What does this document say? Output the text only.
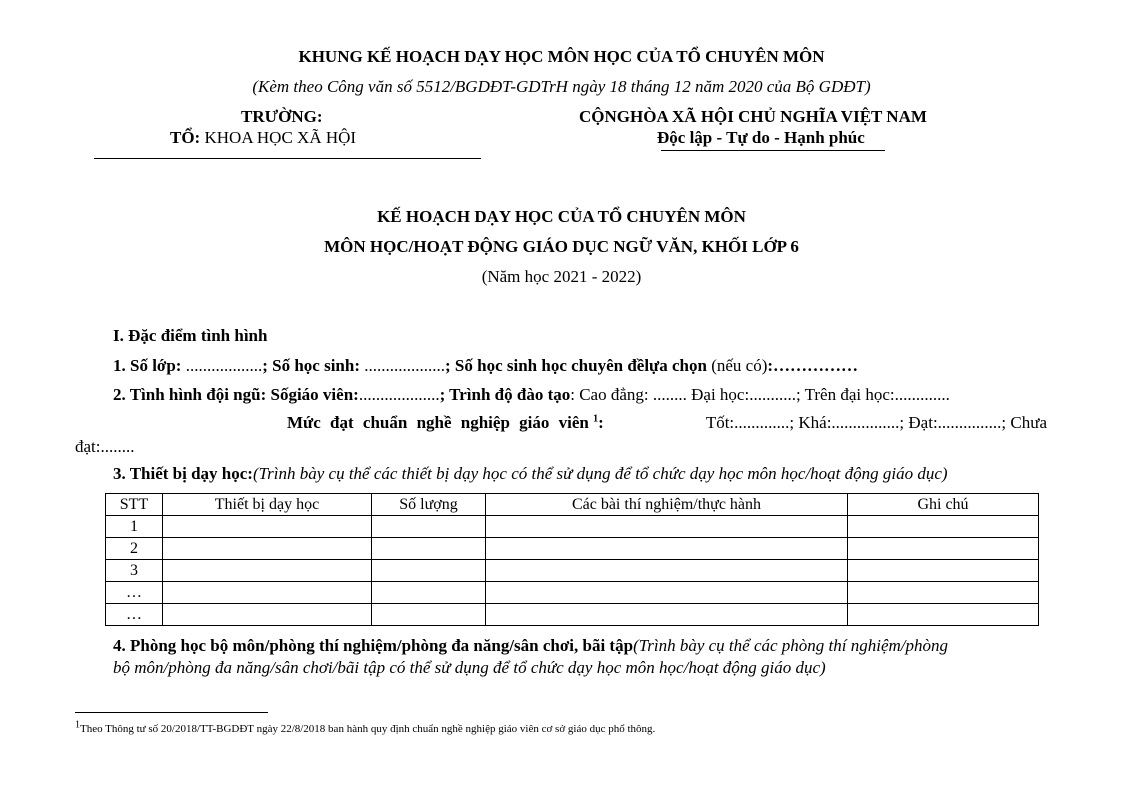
KHUNG KẾ HOẠCH DẠY HỌC MÔN HỌC CỦA TỔ CHUYÊN MÔN
(Kèm theo Công văn số 5512/BGDĐT-GDTrH ngày 18 tháng 12 năm 2020 của Bộ GDĐT)
TRƯỜNG:
TỔ: KHOA HỌC XÃ HỘI
CỘNGHÒA XÃ HỘI CHỦ NGHĨA VIỆT NAM
Độc lập - Tự do - Hạnh phúc
KẾ HOẠCH DẠY HỌC CỦA TỔ CHUYÊN MÔN
MÔN HỌC/HOẠT ĐỘNG GIÁO DỤC NGỮ VĂN, KHỐI LỚP 6
(Năm học 2021 - 2022)
I. Đặc điểm tình hình
1. Số lớp: ..................; Số học sinh: ...................; Số học sinh học chuyên đềlựa chọn (nếu có):……………
2. Tình hình đội ngũ: Sốgiáo viên:...................; Trình độ đào tạo: Cao đẳng: ........ Đại học:...........; Trên đại học:.............
Mức đạt chuẩn nghề nghiệp giáo viên $^1$:	Tốt:.............; Khá:................; Đạt:...............; Chưa
đạt:........
3. Thiết bị dạy học:(Trình bày cụ thể các thiết bị dạy học có thể sử dụng để tổ chức dạy học môn học/hoạt động giáo dục)
STT	Thiết bị dạy học	Số lượng	Các bài thí nghiệm/thực hành	Ghi chú
1				
2				
3				
…				
…				
4. Phòng học bộ môn/phòng thí nghiệm/phòng đa năng/sân chơi, bãi tập(Trình bày cụ thể các phòng thí nghiệm/phòng
bộ môn/phòng đa năng/sân chơi/bãi tập có thể sử dụng để tổ chức dạy học môn học/hoạt động giáo dục)
$^1$Theo Thông tư số 20/2018/TT-BGDĐT ngày 22/8/2018 ban hành quy định chuẩn nghề nghiệp giáo viên cơ sở giáo dục phổ thông.
